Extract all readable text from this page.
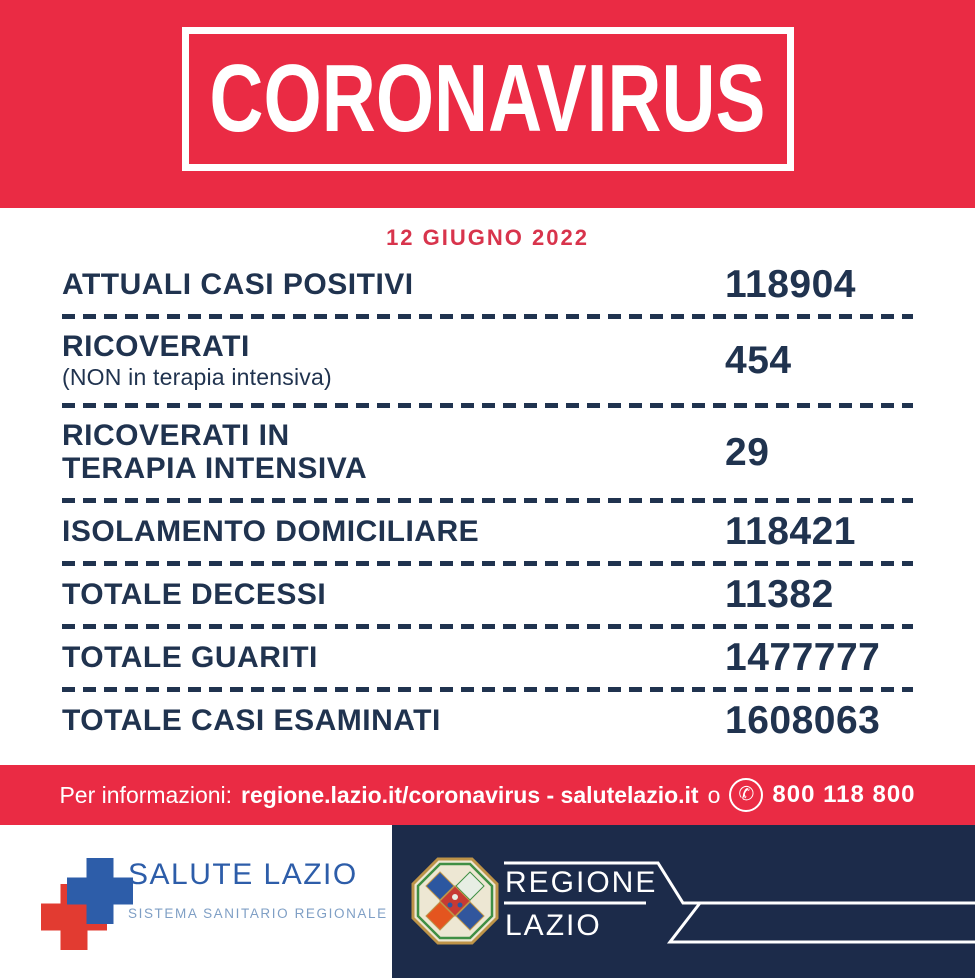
CORONAVIRUS
12 GIUGNO 2022
ATTUALI CASI POSITIVI	118904
RICOVERATI
(NON in terapia intensiva)	454
RICOVERATI IN
TERAPIA INTENSIVA	29
ISOLAMENTO DOMICILIARE	118421
TOTALE DECESSI	11382
TOTALE GUARITI	1477777
TOTALE CASI ESAMINATI	1608063
Per informazioni: regione.lazio.it/coronavirus - salutelazio.it o ✆ 800 118 800
SALUTE LAZIO
SISTEMA SANITARIO REGIONALE
REGIONE
LAZIO
